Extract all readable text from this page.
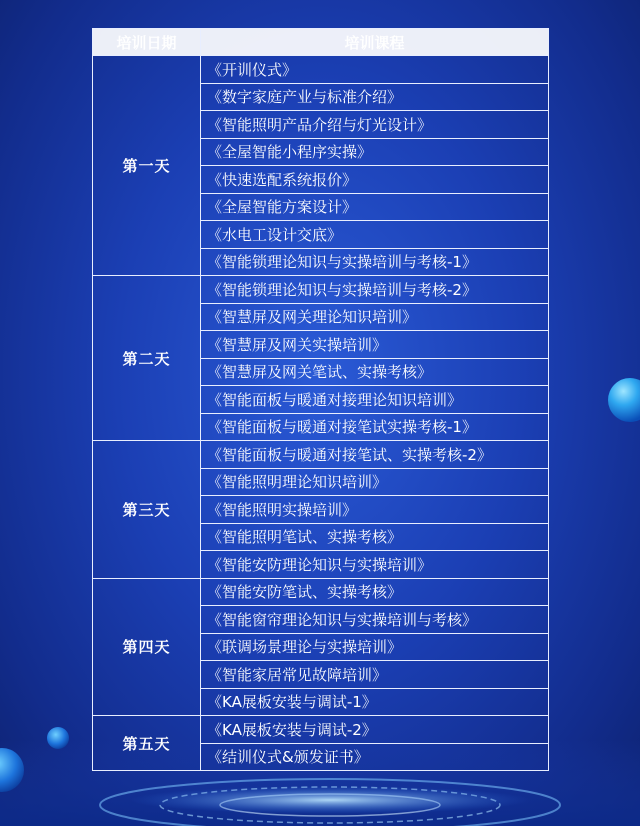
培训日期	培训课程
第一天	《开训仪式》
	《数字家庭产业与标准介绍》
	《智能照明产品介绍与灯光设计》
	《全屋智能小程序实操》
	《快速选配系统报价》
	《全屋智能方案设计》
	《水电工设计交底》
	《智能锁理论知识与实操培训与考核-1》
第二天	《智能锁理论知识与实操培训与考核-2》
	《智慧屏及网关理论知识培训》
	《智慧屏及网关实操培训》
	《智慧屏及网关笔试、实操考核》
	《智能面板与暖通对接理论知识培训》
	《智能面板与暖通对接笔试实操考核-1》
第三天	《智能面板与暖通对接笔试、实操考核-2》
	《智能照明理论知识培训》
	《智能照明实操培训》
	《智能照明笔试、实操考核》
	《智能安防理论知识与实操培训》
第四天	《智能安防笔试、实操考核》
	《智能窗帘理论知识与实操培训与考核》
	《联调场景理论与实操培训》
	《智能家居常见故障培训》
	《KA展板安装与调试-1》
第五天	《KA展板安装与调试-2》
	《结训仪式&颁发证书》
